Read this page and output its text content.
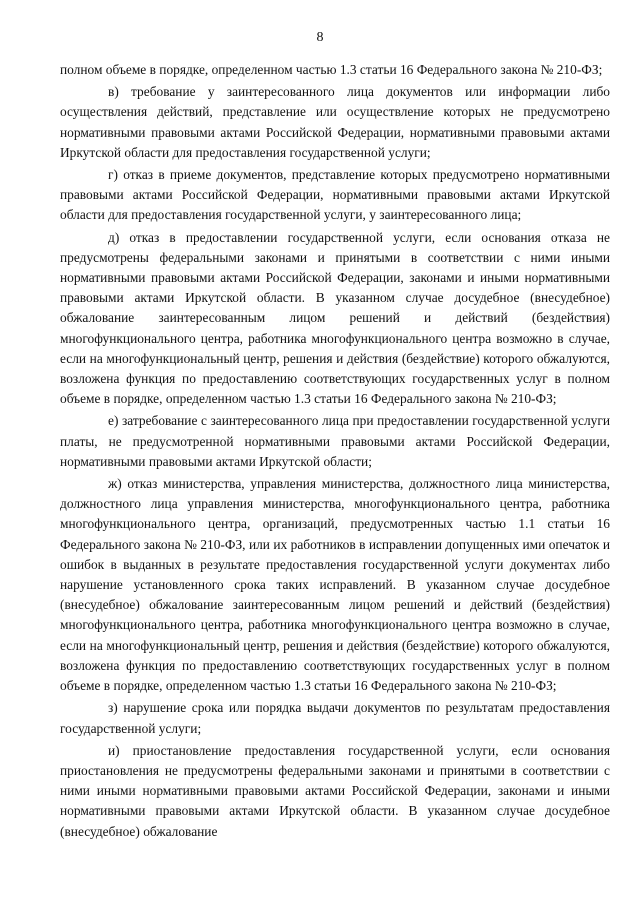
8

полном объеме в порядке, определенном частью 1.3 статьи 16 Федерального закона № 210-ФЗ;

в) требование у заинтересованного лица документов или информации либо осуществления действий, представление или осуществление которых не предусмотрено нормативными правовыми актами Российской Федерации, нормативными правовыми актами Иркутской области для предоставления государственной услуги;

г) отказ в приеме документов, представление которых предусмотрено нормативными правовыми актами Российской Федерации, нормативными правовыми актами Иркутской области для предоставления государственной услуги, у заинтересованного лица;

д) отказ в предоставлении государственной услуги, если основания отказа не предусмотрены федеральными законами и принятыми в соответствии с ними иными нормативными правовыми актами Российской Федерации, законами и иными нормативными правовыми актами Иркутской области. В указанном случае досудебное (внесудебное) обжалование заинтересованным лицом решений и действий (бездействия) многофункционального центра, работника многофункционального центра возможно в случае, если на многофункциональный центр, решения и действия (бездействие) которого обжалуются, возложена функция по предоставлению соответствующих государственных услуг в полном объеме в порядке, определенном частью 1.3 статьи 16 Федерального закона № 210-ФЗ;

е) затребование с заинтересованного лица при предоставлении государственной услуги платы, не предусмотренной нормативными правовыми актами Российской Федерации, нормативными правовыми актами Иркутской области;

ж) отказ министерства, управления министерства, должностного лица министерства, должностного лица управления министерства, многофункционального центра, работника многофункционального центра, организаций, предусмотренных частью 1.1 статьи 16 Федерального закона № 210-ФЗ, или их работников в исправлении допущенных ими опечаток и ошибок в выданных в результате предоставления государственной услуги документах либо нарушение установленного срока таких исправлений. В указанном случае досудебное (внесудебное) обжалование заинтересованным лицом решений и действий (бездействия) многофункционального центра, работника многофункционального центра возможно в случае, если на многофункциональный центр, решения и действия (бездействие) которого обжалуются, возложена функция по предоставлению соответствующих государственных услуг в полном объеме в порядке, определенном частью 1.3 статьи 16 Федерального закона № 210-ФЗ;

з) нарушение срока или порядка выдачи документов по результатам предоставления государственной услуги;

и) приостановление предоставления государственной услуги, если основания приостановления не предусмотрены федеральными законами и принятыми в соответствии с ними иными нормативными правовыми актами Российской Федерации, законами и иными нормативными правовыми актами Иркутской области. В указанном случае досудебное (внесудебное) обжалование
